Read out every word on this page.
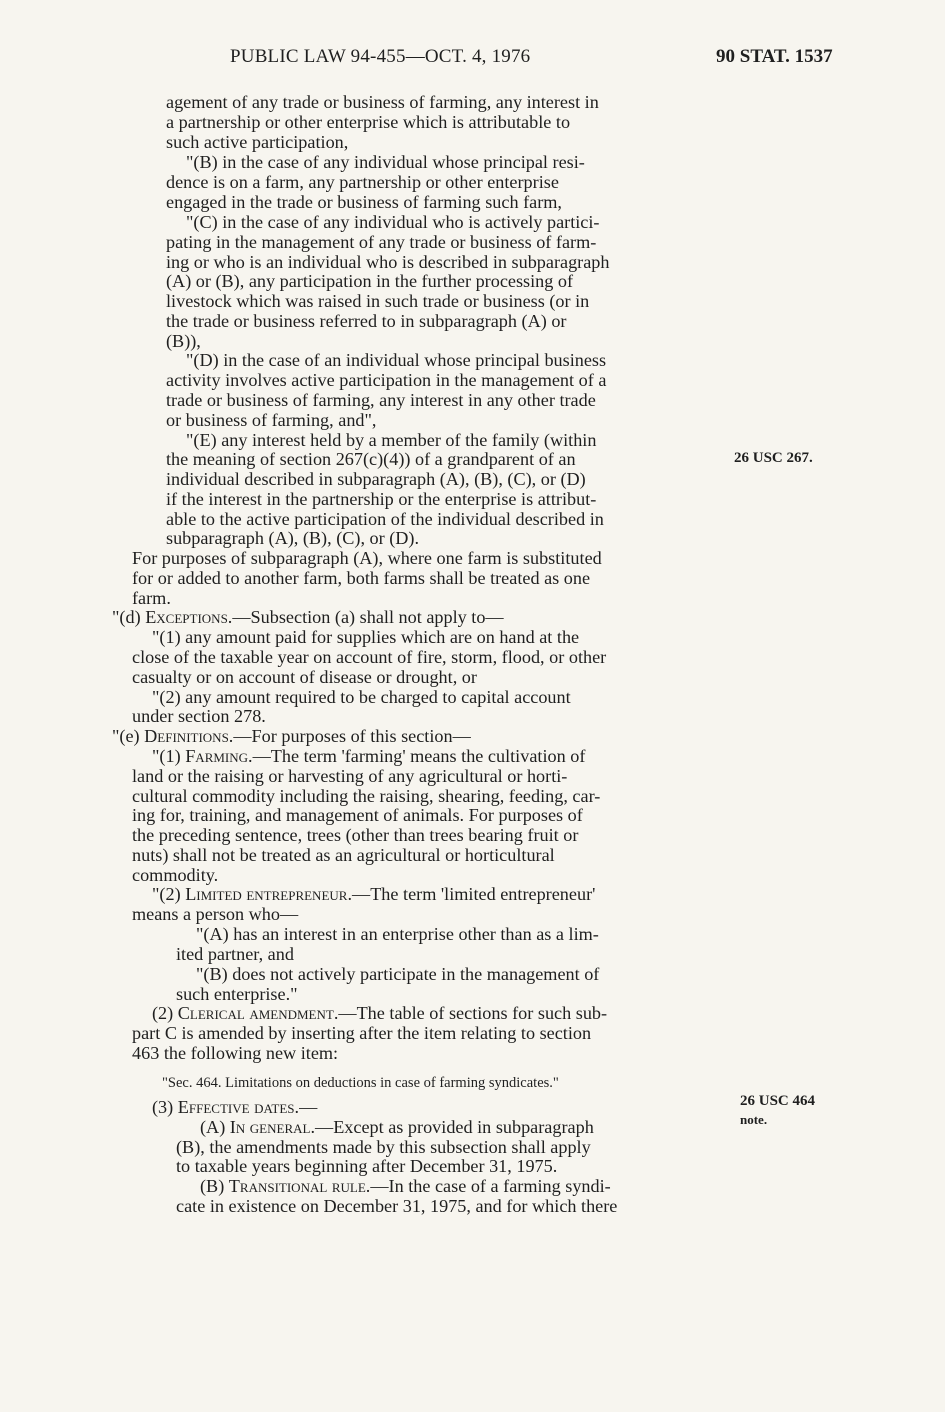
PUBLIC LAW 94-455—OCT. 4, 1976	90 STAT. 1537
agement of any trade or business of farming, any interest in
a partnership or other enterprise which is attributable to
such active participation,
"(B) in the case of any individual whose principal resi-
dence is on a farm, any partnership or other enterprise
engaged in the trade or business of farming such farm,
"(C) in the case of any individual who is actively partici-
pating in the management of any trade or business of farm-
ing or who is an individual who is described in subparagraph
(A) or (B), any participation in the further processing of
livestock which was raised in such trade or business (or in
the trade or business referred to in subparagraph (A) or
(B)),
"(D) in the case of an individual whose principal business
activity involves active participation in the management of a
trade or business of farming, any interest in any other trade
or business of farming, and",
"(E) any interest held by a member of the family (within
the meaning of section 267(c)(4)) of a grandparent of an
individual described in subparagraph (A), (B), (C), or (D)
if the interest in the partnership or the enterprise is attribut-
able to the active participation of the individual described in
subparagraph (A), (B), (C), or (D).
For purposes of subparagraph (A), where one farm is substituted
for or added to another farm, both farms shall be treated as one
farm.
"(d) Exceptions.—Subsection (a) shall not apply to—
"(1) any amount paid for supplies which are on hand at the
close of the taxable year on account of fire, storm, flood, or other
casualty or on account of disease or drought, or
"(2) any amount required to be charged to capital account
under section 278.
"(e) Definitions.—For purposes of this section—
"(1) Farming.—The term 'farming' means the cultivation of
land or the raising or harvesting of any agricultural or horti-
cultural commodity including the raising, shearing, feeding, car-
ing for, training, and management of animals. For purposes of
the preceding sentence, trees (other than trees bearing fruit or
nuts) shall not be treated as an agricultural or horticultural
commodity.
"(2) Limited entrepreneur.—The term 'limited entrepreneur'
means a person who—
"(A) has an interest in an enterprise other than as a lim-
ited partner, and
"(B) does not actively participate in the management of
such enterprise."
(2) Clerical amendment.—The table of sections for such sub-
part C is amended by inserting after the item relating to section
463 the following new item:
"Sec. 464. Limitations on deductions in case of farming syndicates."
(3) Effective dates.—
(A) In general.—Except as provided in subparagraph
(B), the amendments made by this subsection shall apply
to taxable years beginning after December 31, 1975.
(B) Transitional rule.—In the case of a farming syndi-
cate in existence on December 31, 1975, and for which there
26 USC 267.
26 USC 464
note.
